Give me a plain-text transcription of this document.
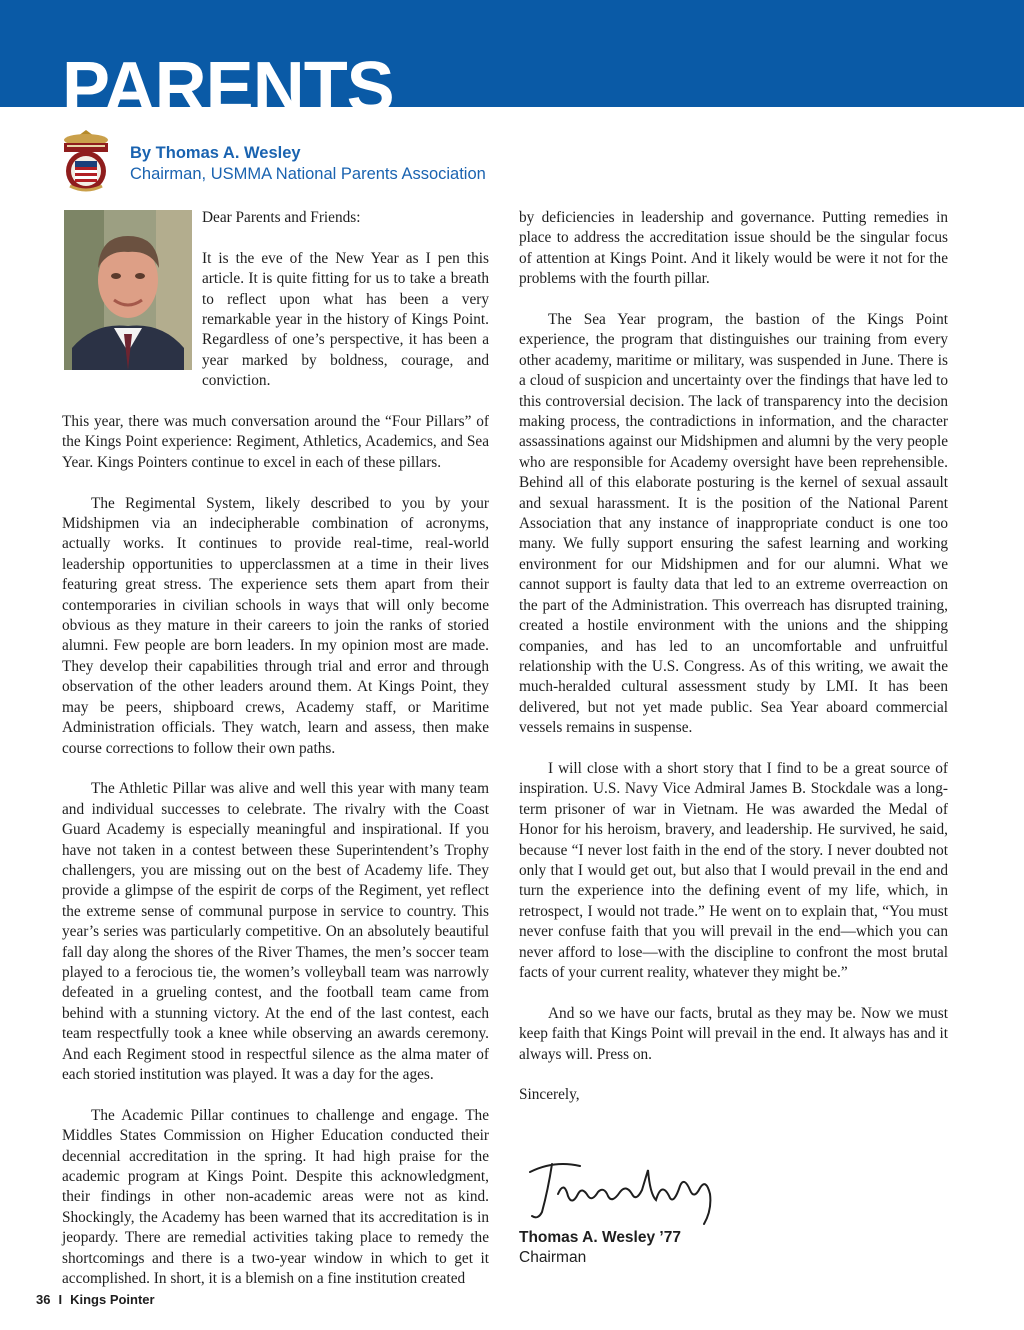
PARENTS
By Thomas A. Wesley
Chairman, USMMA National Parents Association

Dear Parents and Friends:

It is the eve of the New Year as I pen this article. It is quite fitting for us to take a breath to reflect upon what has been a very remarkable year in the history of Kings Point. Regardless of one’s perspective, it has been a year marked by boldness, courage, and conviction.

This year, there was much conversation around the “Four Pillars” of the Kings Point experience: Regiment, Athletics, Academics, and Sea Year. Kings Pointers continue to excel in each of these pillars.

The Regimental System, likely described to you by your Midshipmen via an indecipherable combination of acronyms, actually works. It continues to provide real-time, real-world leadership opportunities to upperclassmen at a time in their lives featuring great stress. The experience sets them apart from their contemporaries in civilian schools in ways that will only become obvious as they mature in their careers to join the ranks of storied alumni. Few people are born leaders. In my opinion most are made. They develop their capabilities through trial and error and through observation of the other leaders around them. At Kings Point, they may be peers, shipboard crews, Academy staff, or Maritime Administration officials. They watch, learn and assess, then make course corrections to follow their own paths.

The Athletic Pillar was alive and well this year with many team and individual successes to celebrate. The rivalry with the Coast Guard Academy is especially meaningful and inspirational. If you have not taken in a contest between these Superintendent’s Trophy challengers, you are missing out on the best of Academy life. They provide a glimpse of the espirit de corps of the Regiment, yet reflect the extreme sense of communal purpose in service to country. This year’s series was particularly competitive. On an absolutely beautiful fall day along the shores of the River Thames, the men’s soccer team played to a ferocious tie, the women’s volleyball team was narrowly defeated in a grueling contest, and the football team came from behind with a stunning victory. At the end of the last contest, each team respectfully took a knee while observing an awards ceremony. And each Regiment stood in respectful silence as the alma mater of each storied institution was played. It was a day for the ages.

The Academic Pillar continues to challenge and engage. The Middles States Commission on Higher Education conducted their decennial accreditation in the spring. It had high praise for the academic program at Kings Point. Despite this acknowledgment, their findings in other non-academic areas were not as kind. Shockingly, the Academy has been warned that its accreditation is in jeopardy. There are remedial activities taking place to remedy the shortcomings and there is a two-year window in which to get it accomplished. In short, it is a blemish on a fine institution created

by deficiencies in leadership and governance. Putting remedies in place to address the accreditation issue should be the singular focus of attention at Kings Point. And it likely would be were it not for the problems with the fourth pillar.

The Sea Year program, the bastion of the Kings Point experience, the program that distinguishes our training from every other academy, maritime or military, was suspended in June. There is a cloud of suspicion and uncertainty over the findings that have led to this controversial decision. The lack of transparency into the decision making process, the contradictions in information, and the character assassinations against our Midshipmen and alumni by the very people who are responsible for Academy oversight have been reprehensible. Behind all of this elaborate posturing is the kernel of sexual assault and sexual harassment. It is the position of the National Parent Association that any instance of inappropriate conduct is one too many. We fully support ensuring the safest learning and working environment for our Midshipmen and for our alumni. What we cannot support is faulty data that led to an extreme overreaction on the part of the Administration. This overreach has disrupted training, created a hostile environment with the unions and the shipping companies, and has led to an uncomfortable and unfruitful relationship with the U.S. Congress. As of this writing, we await the much-heralded cultural assessment study by LMI. It has been delivered, but not yet made public. Sea Year aboard commercial vessels remains in suspense.

I will close with a short story that I find to be a great source of inspiration. U.S. Navy Vice Admiral James B. Stockdale was a long-term prisoner of war in Vietnam. He was awarded the Medal of Honor for his heroism, bravery, and leadership. He survived, he said, because “I never lost faith in the end of the story. I never doubted not only that I would get out, but also that I would prevail in the end and turn the experience into the defining event of my life, which, in retrospect, I would not trade.” He went on to explain that, “You must never confuse faith that you will prevail in the end—which you can never afford to lose—with the discipline to confront the most brutal facts of your current reality, whatever they might be.”

And so we have our facts, brutal as they may be. Now we must keep faith that Kings Point will prevail in the end. It always has and it always will. Press on.

Sincerely,

Thomas A. Wesley ’77
Chairman
36 I Kings Pointer
